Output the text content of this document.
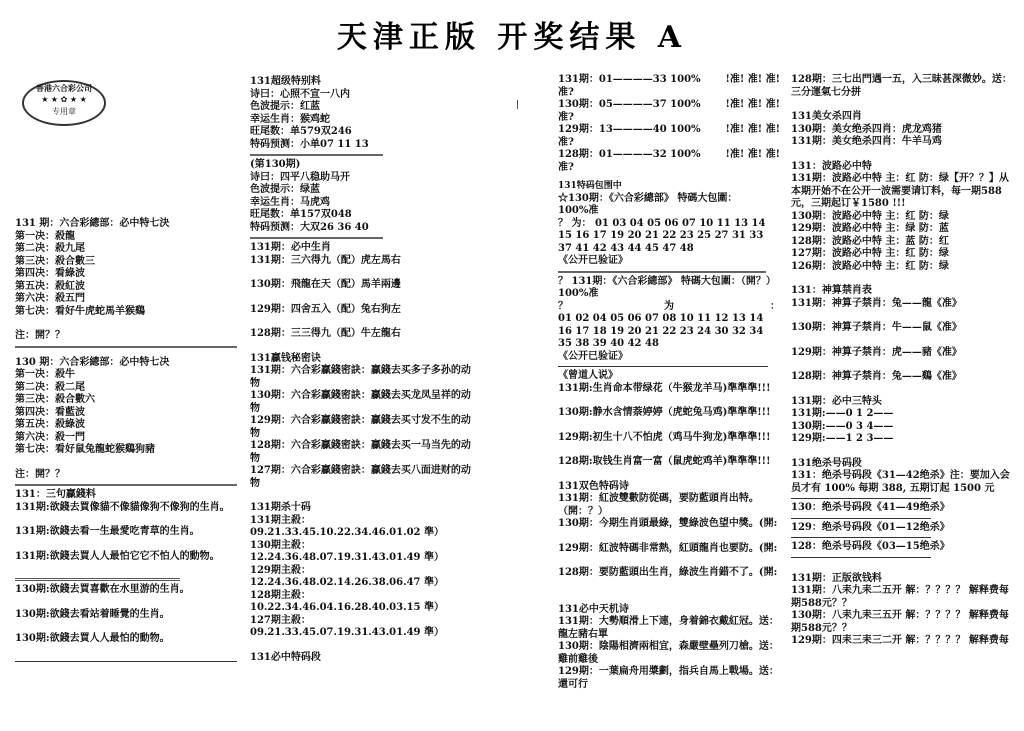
天津正版 开奖结果 A
香港六合彩公司
★ ★ ✿ ★ ★
专用章
131 期：六合彩總部：必中特七決
第一决：殺龍
第二决：殺九尾
第三决：殺合數三
第四决：看綠波
第五决：殺紅波
第六决：殺五門
第七决：看好牛虎蛇馬羊猴鷄
注：開？？
130 期：六合彩總部：必中特七决
第一决：殺牛
第二决：殺二尾
第三决：殺合數六
第四决：看藍波
第五决：殺綠波
第六决：殺一門
第七决：看好鼠兔龍蛇猴鷄狗豬
注：開？？
131：三句贏錢料
131期:欲錢去買像貓不像貓像狗不像狗的生肖。
131期:欲錢去看一生最愛吃青草的生肖。
131期:欲錢去買人人最怕它它不怕人的動物。
130期:欲錢去買喜歡在水里游的生肖。
130期:欲錢去看站着睡覺的生肖。
130期:欲錢去買人人最怕的動物。
131超级特别料
诗曰：心照不宣一八内
色波提示：红蓝
幸运生肖：猴鸡蛇
旺尾数：单579双246
特码预测：小单07 11 13
(第130期)
诗曰：四平八稳助马开
色波提示：绿蓝
幸运生肖：马虎鸡
旺尾数：单157双048
特码预测：大双26 36 40
131期：必中生肖
131期：三六得九（配）虎左馬右
130期：飛龍在天（配）馬羊兩邊
129期：四舍五入（配）兔右狗左
128期：三三得九（配）牛左龍右
131贏钱秘密诀
131期：六合彩贏錢密訣：贏錢去买多子多孙的动物
130期：六合彩贏錢密訣：贏錢去买龙凤呈祥的动物
129期：六合彩贏錢密訣：贏錢去买寸发不生的动物
128期：六合彩贏錢密訣：贏錢去买一马当先的动物
127期：六合彩贏錢密訣：贏錢去买八面进财的动物
131期杀十码
131期主殺： 09.21.33.45.10.22.34.46.01.02 準）
130期主殺： 12.24.36.48.07.19.31.43.01.49 準）
129期主殺： 12.24.36.48.02.14.26.38.06.47 準）
128期主殺： 10.22.34.46.04.16.28.40.03.15 準）
127期主殺： 09.21.33.45.07.19.31.43.01.49 準）
131必中特码段
131期：01————33 100% !准! 准! 准!
准?
130期：05————37 100% !准! 准! 准!
准?
129期：13————40 100% !准! 准! 准!
准?
128期：01————32 100% !准! 准! 准!
准?
131特码包围中
☆130期：《六合彩總部》 特碼大包圍：
100%准
？ 为： 01 03 04 05 06 07 10 11 13 14 15 16 17 19 20 21 22 23 25 27 31 33 37 41 42 43 44 45 47 48
《公开已验证》
？ 131期：《六合彩總部》 特碼大包圍：（開？）
100%准
？	为	：
01 02 04 05 06 07 08 10 11 12 13 14 16 17 18 19 20 21 22 23 24 30 32 34 35 38 39 40 42 48
《公开已验证》
《曾道人说》
131期:生肖命本带绿花（牛猴龙羊马)準準準!!!
130期:静水含情萘婷婷（虎蛇兔马鸡)準準準!!!
129期:初生十八不怕虎（鸡马牛狗龙)準準準!!!
128期:取钱生肖富一富（鼠虎蛇鸡羊)準準準!!!
131双色特码诗
131期：紅波雙數防從碼，要防藍頭肖出特。（開：？）
130期：今期生肖頭最綠，雙綠波色望中獎。(開:
129期：紅波特碼非常熱，紅頭龍肖也要防。(開:
128期：要防藍頭出生肖，綠波生肖錯不了。(開:
131必中天机诗
131期：大勢順滑上下連，身着錦衣戴紅冠。送：龍左豬右單
130期：陰陽相濟兩相宜，森嚴壁壘列刀槍。送：雞前雞後
129期：一葉扁舟用槳劃，指兵自馬上戰場。送：還可行
128期：三七出門遇一五，入三昧甚深微妙。送：三分運氣七分拼
131美女杀四肖
130期：美女绝杀四肖：虎龙鸡猪
131期：美女绝杀四肖：牛羊马鸡
131：波路必中特
131期：波路必中特 主：红 防：绿【开？？】从本期开始不在公开一波需要请订料，每一期588元，三期起订￥1580 !!!
130期：波路必中特 主：红 防：绿
129期：波路必中特 主：绿 防：蓝
128期：波路必中特 主：蓝 防：红
127期：波路必中特 主：红 防：绿
126期：波路必中特 主：红 防：绿
131：神算禁肖表
131期：神算子禁肖：兔——龍《准》
130期：神算子禁肖：牛——鼠《准》
129期：神算子禁肖：虎——豬《准》
128期：神算子禁肖：兔——鷄《准》
131期：必中三特头
131期:——0 1 2——
130期:——0 3 4——
129期:——1 2 3——
131绝杀号码段
131：绝杀号码段《31—42绝杀》注：要加入会员才有 100% 每期 388, 五期订起 1500 元
130：绝杀号码段《41—49绝杀》
129：绝杀号码段《01—12绝杀》
128：绝杀号码段《03—15绝杀》
131期：正版欲钱料
131期：八耒九耒二五开 解：？？？？ 解释费每期588元？？
130期：八耒九耒三五开 解：？？？？ 解释费每期588元？？
129期：四耒三耒三二开 解：？？？？ 解释费每
